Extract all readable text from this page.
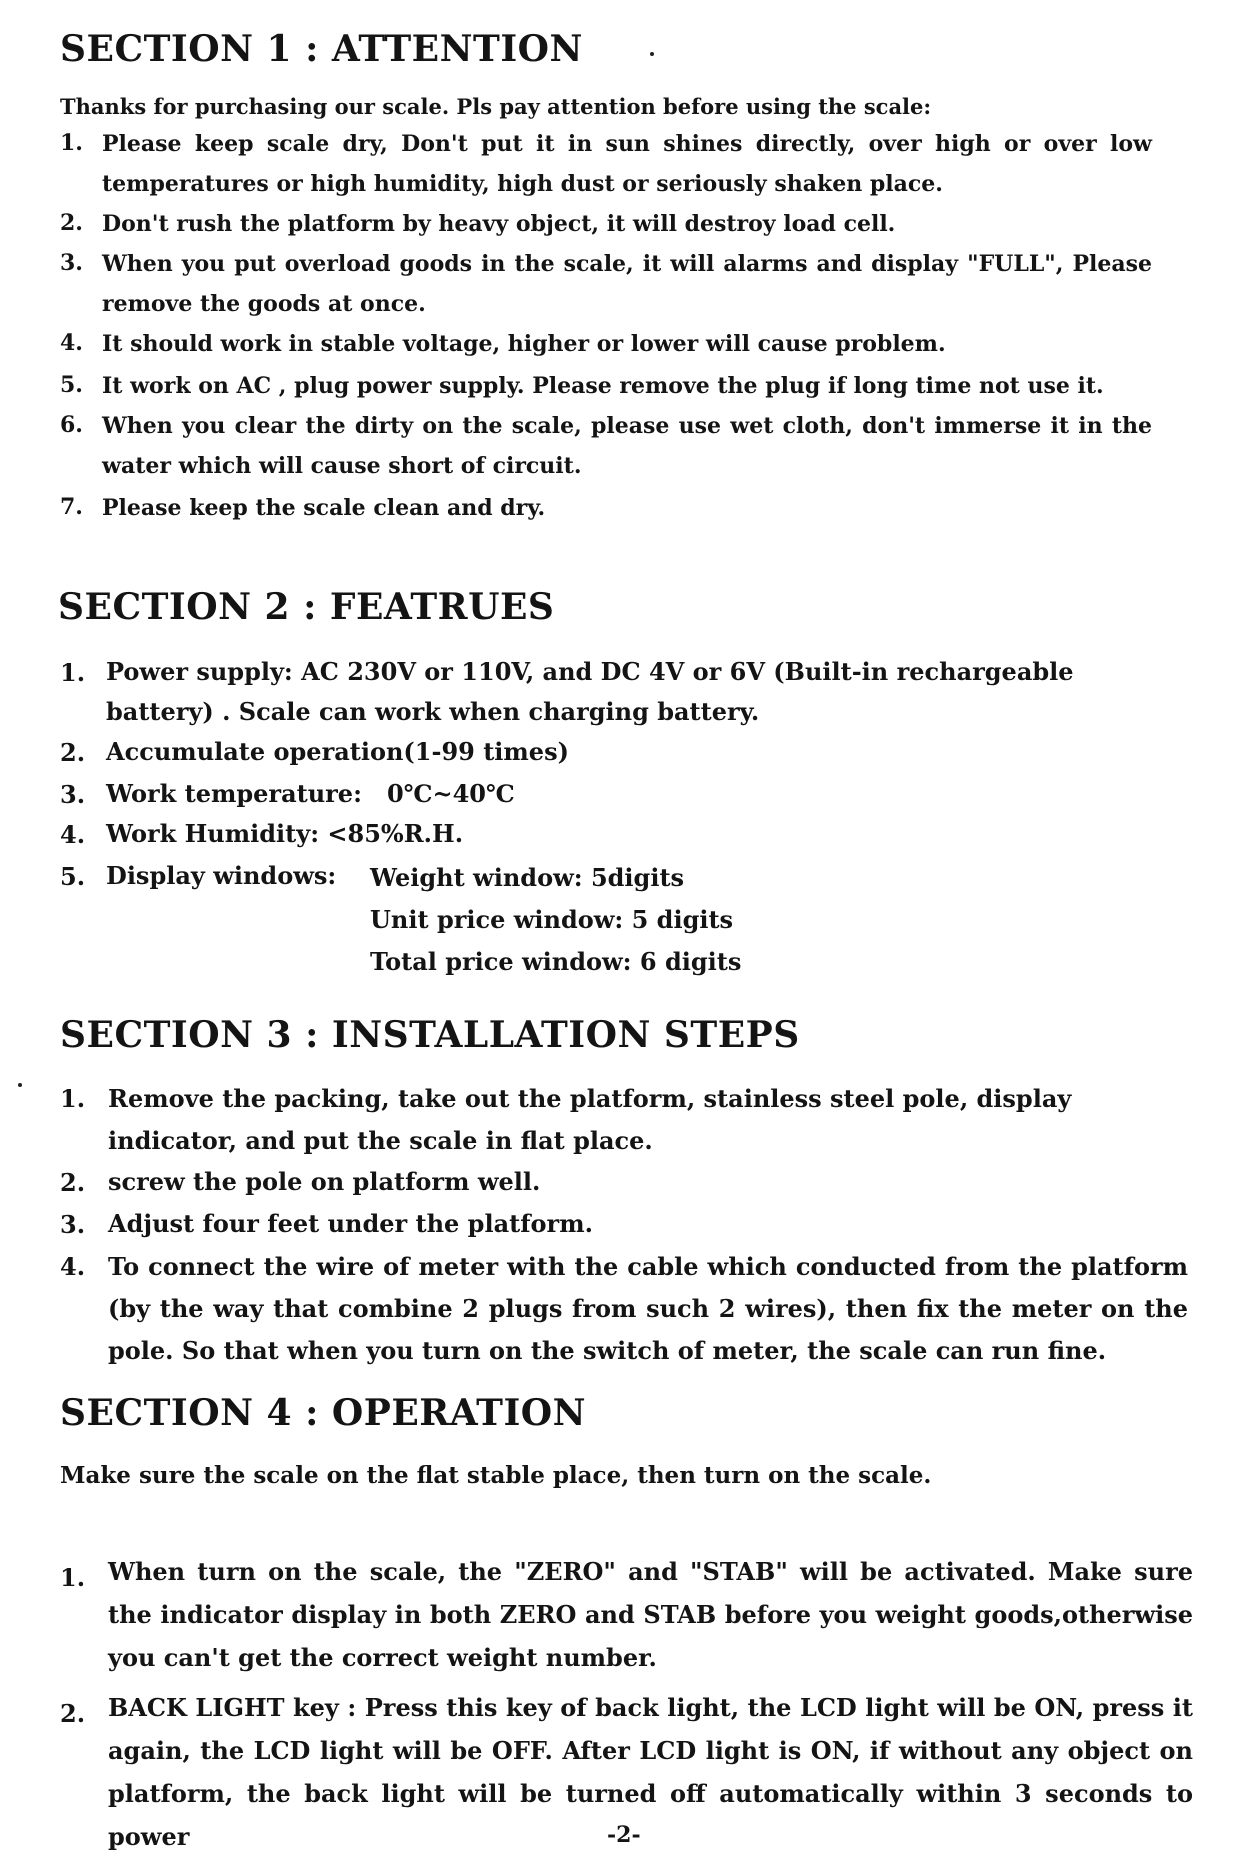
SECTION 1 : ATTENTION
Thanks for purchasing our scale. Pls pay attention before using the scale:
1. Please keep scale dry, Don't put it in sun shines directly, over high or over low temperatures or high humidity, high dust or seriously shaken place.
2. Don't rush the platform by heavy object, it will destroy load cell.
3. When you put overload goods in the scale, it will alarms and display "FULL", Please remove the goods at once.
4. It should work in stable voltage, higher or lower will cause problem.
5. It work on AC , plug power supply. Please remove the plug if long time not use it.
6. When you clear the dirty on the scale, please use wet cloth, don't immerse it in the water which will cause short of circuit.
7. Please keep the scale clean and dry.
SECTION 2 : FEATRUES
1. Power supply: AC 230V or 110V, and DC 4V or 6V (Built-in rechargeable battery) . Scale can work when charging battery.
2. Accumulate operation(1-99 times)
3. Work temperature:   0℃~40℃
4. Work Humidity: <85%R.H.
5. Display windows: Weight window: 5digits
Unit price window: 5 digits
Total price window: 6 digits
SECTION 3 : INSTALLATION STEPS
1. Remove the packing, take out the platform, stainless steel pole, display indicator, and put the scale in flat place.
2. screw the pole on platform well.
3. Adjust four feet under the platform.
4. To connect the wire of meter with the cable which conducted from the platform (by the way that combine 2 plugs from such 2 wires), then fix the meter on the pole. So that when you turn on the switch of meter, the scale can run fine.
SECTION 4 : OPERATION
Make sure the scale on the flat stable place, then turn on the scale.
1. When turn on the scale, the "ZERO" and "STAB" will be activated. Make sure the indicator display in both ZERO and STAB before you weight goods,otherwise you can't get the correct weight number.
2. BACK LIGHT key : Press this key of back light, the LCD light will be ON, press it again, the LCD light will be OFF. After LCD light is ON, if without any object on platform, the back light will be turned off automatically within 3 seconds to power	-2-
